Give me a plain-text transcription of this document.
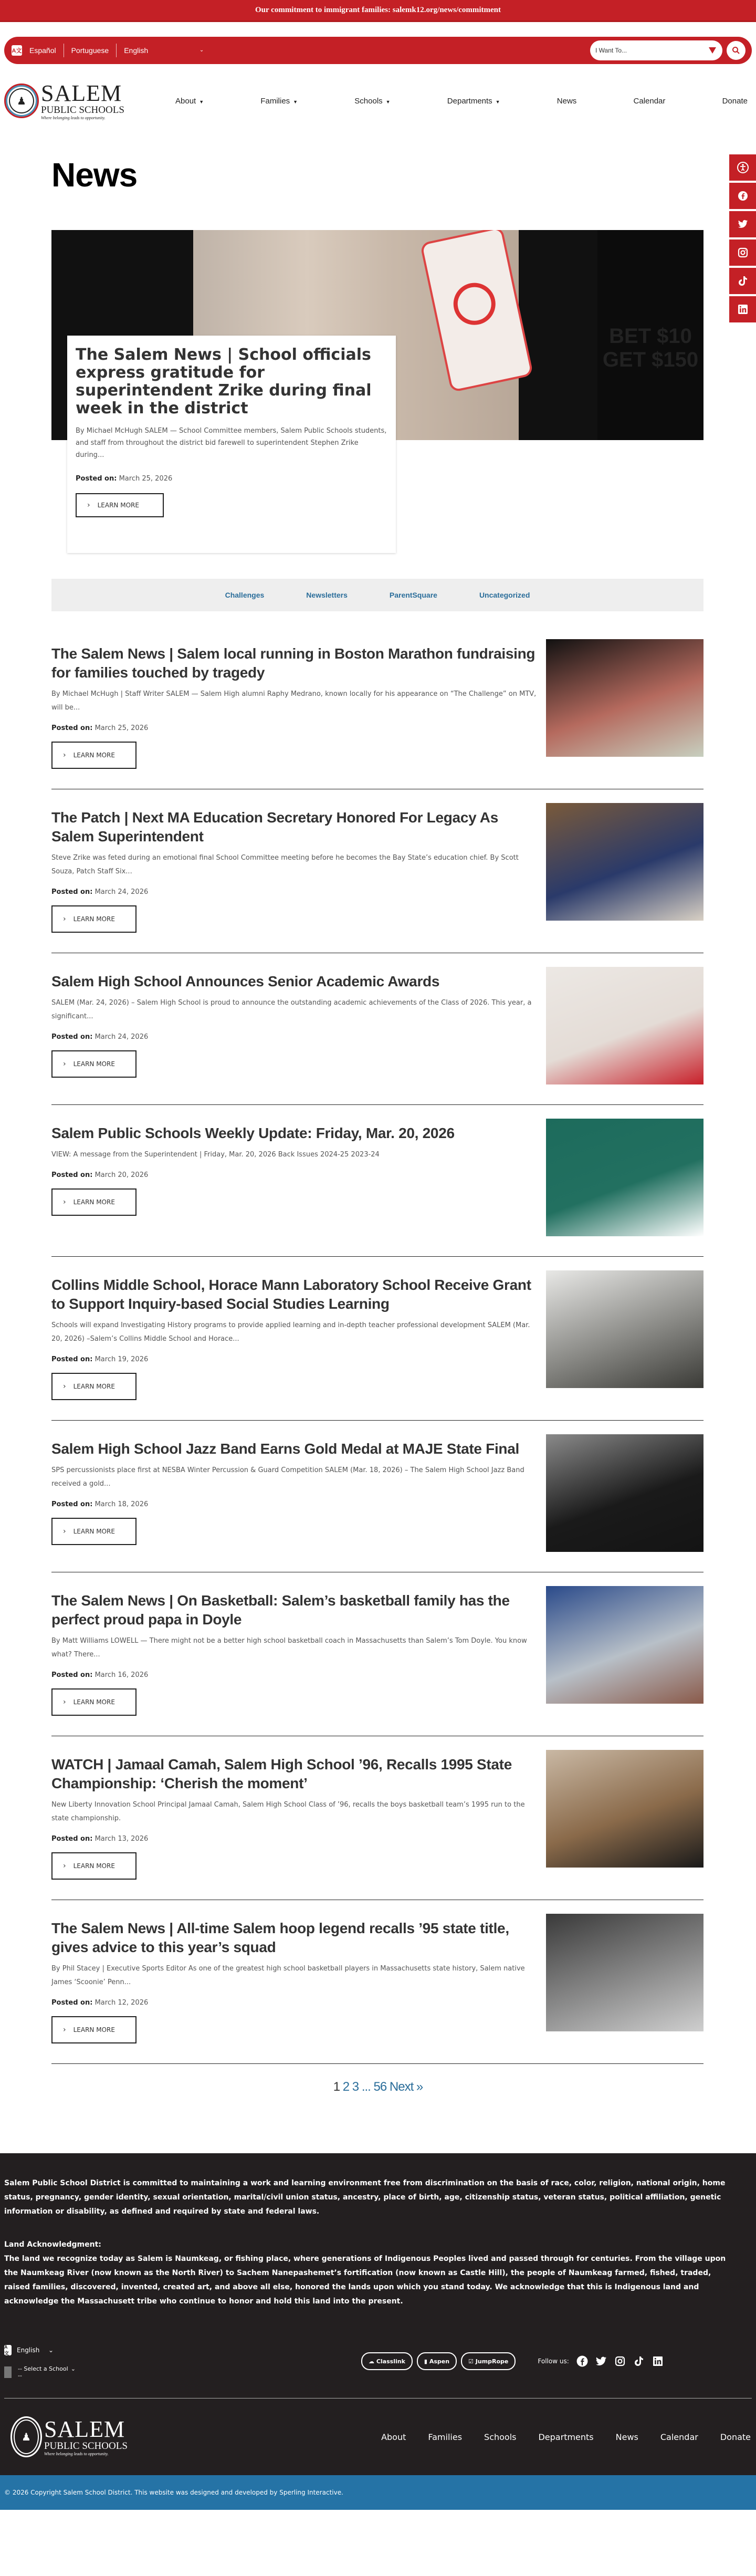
Our commitment to immigrant families: salemk12.org/news/commitment
A文 Español	Portuguese	English	⌄	I Want To...
♟ SALEM
PUBLIC SCHOOLS
Where belonging leads to opportunity.
About ▼	Families ▼	Schools ▼	Departments ▼	News	Calendar	Donate
News
BET $10 GET $150
The Salem News | School officials express gratitude for superintendent Zrike during final week in the district

By Michael McHugh SALEM — School Committee members, Salem Public Schools students, and staff from throughout the district bid farewell to superintendent Stephen Zrike during...

Posted on: March 25, 2026
› LEARN MORE
Challenges	Newsletters	ParentSquare	Uncategorized
The Salem News | Salem local running in Boston Marathon fundraising for families touched by tragedy

By Michael McHugh | Staff Writer SALEM — Salem High alumni Raphy Medrano, known locally for his appearance on “The Challenge” on MTV, will be...

Posted on: March 25, 2026
› LEARN MORE
The Patch | Next MA Education Secretary Honored For Legacy As Salem Superintendent

Steve Zrike was feted during an emotional final School Committee meeting before he becomes the Bay State’s education chief. By Scott Souza, Patch Staff Six...

Posted on: March 24, 2026
› LEARN MORE
Salem High School Announces Senior Academic Awards

SALEM (Mar. 24, 2026) – Salem High School is proud to announce the outstanding academic achievements of the Class of 2026. This year, a significant...

Posted on: March 24, 2026
› LEARN MORE
Salem Public Schools Weekly Update: Friday, Mar. 20, 2026

VIEW: A message from the Superintendent | Friday, Mar. 20, 2026 Back Issues 2024-25 2023-24

Posted on: March 20, 2026
› LEARN MORE
Collins Middle School, Horace Mann Laboratory School Receive Grant to Support Inquiry-based Social Studies Learning

Schools will expand Investigating History programs to provide applied learning and in-depth teacher professional development SALEM (Mar. 20, 2026) –Salem’s Collins Middle School and Horace...

Posted on: March 19, 2026
› LEARN MORE
Salem High School Jazz Band Earns Gold Medal at MAJE State Final

SPS percussionists place first at NESBA Winter Percussion & Guard Competition SALEM (Mar. 18, 2026) – The Salem High School Jazz Band received a gold...

Posted on: March 18, 2026
› LEARN MORE
The Salem News | On Basketball: Salem’s basketball family has the perfect proud papa in Doyle

By Matt Williams LOWELL — There might not be a better high school basketball coach in Massachusetts than Salem’s Tom Doyle. You know what? There...

Posted on: March 16, 2026
› LEARN MORE
WATCH | Jamaal Camah, Salem High School ’96, Recalls 1995 State Championship: ‘Cherish the moment’

New Liberty Innovation School Principal Jamaal Camah, Salem High School Class of ’96, recalls the boys basketball team’s 1995 run to the state championship.

Posted on: March 13, 2026
› LEARN MORE
The Salem News | All-time Salem hoop legend recalls ’95 state title, gives advice to this year’s squad

By Phil Stacey | Executive Sports Editor As one of the greatest high school basketball players in Massachusetts state history, Salem native James ‘Scoonie’ Penn...

Posted on: March 12, 2026
› LEARN MORE
1 2 3 ... 56 Next »

Salem Public School District is committed to maintaining a work and learning environment free from discrimination on the basis of race, color, religion, national origin, home status, pregnancy, gender identity, sexual orientation, marital/civil union status, ancestry, place of birth, age, citizenship status, veteran status, political affiliation, genetic information or disability, as defined and required by state and federal laws.

Land Acknowledgment:

The land we recognize today as Salem is Naumkeag, or fishing place, where generations of Indigenous Peoples lived and passed through for centuries. From the village upon the Naumkeag River (now known as the North River) to Sachem Nanepashemet’s fortification (now known as Castle Hill), the people of Naumkeag farmed, fished, traded, raised families, discovered, invented, created art, and above all else, honored the lands upon which you stand today. We acknowledge that this is Indigenous land and acknowledge the Massachusett tribe who continue to honor and hold this land into the present.

A文	English ⌄
-- Select a School --
⌄
☁
Classlink	▮
Aspen	☑
JumpRope	Follow us:
♟ SALEM
PUBLIC SCHOOLS
Where belonging leads to opportunity.
About	Families	Schools	Departments	News	Calendar	Donate
© 2026 Copyright Salem School District. This website was designed and developed by Sperling Interactive.
